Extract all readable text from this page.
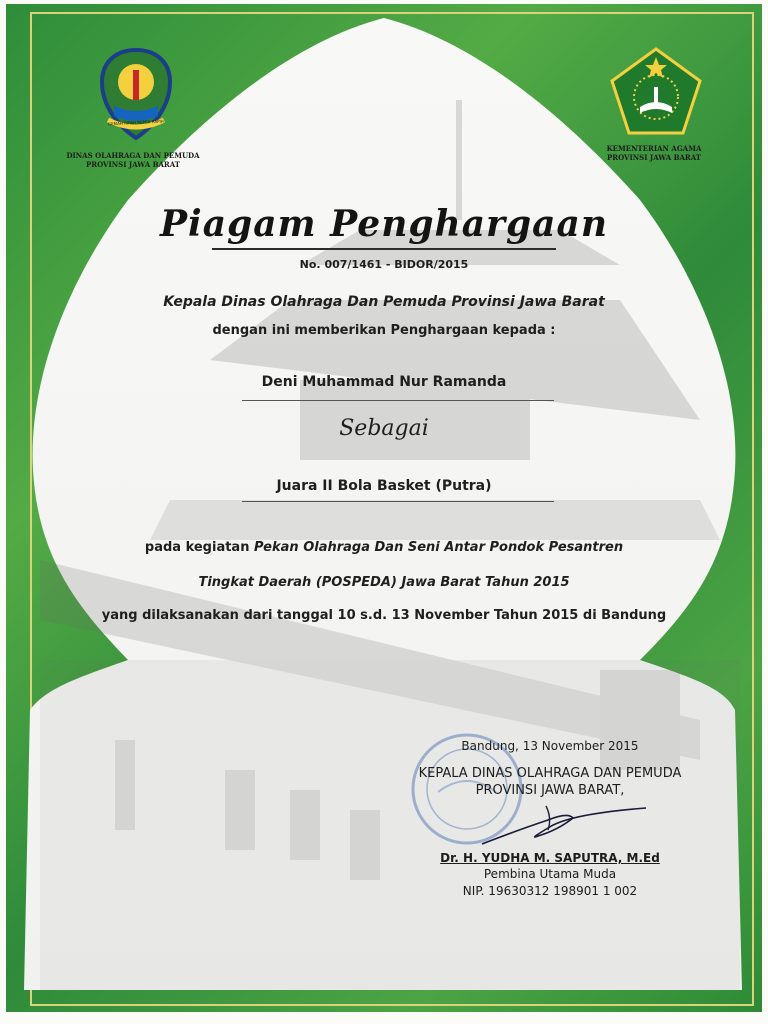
GEMAH RIPAH REPEH RAPIH
DINAS OLAHRAGA DAN PEMUDA
PROVINSI JAWA BARAT
KEMENTERIAN AGAMA
PROVINSI JAWA BARAT
Piagam Penghargaan
No. 007/1461 - BIDOR/2015
Kepala Dinas Olahraga Dan Pemuda Provinsi Jawa Barat
dengan ini memberikan Penghargaan kepada :
Deni Muhammad Nur Ramanda
Sebagai
Juara II Bola Basket (Putra)
pada kegiatan Pekan Olahraga Dan Seni Antar Pondok Pesantren
Tingkat Daerah (POSPEDA) Jawa Barat Tahun 2015
yang dilaksanakan dari tanggal 10 s.d. 13 November Tahun 2015 di Bandung
Bandung, 13 November 2015
KEPALA DINAS OLAHRAGA DAN PEMUDA
PROVINSI JAWA BARAT,
Dr. H. YUDHA M. SAPUTRA, M.Ed
Pembina Utama Muda
NIP. 19630312 198901 1 002
